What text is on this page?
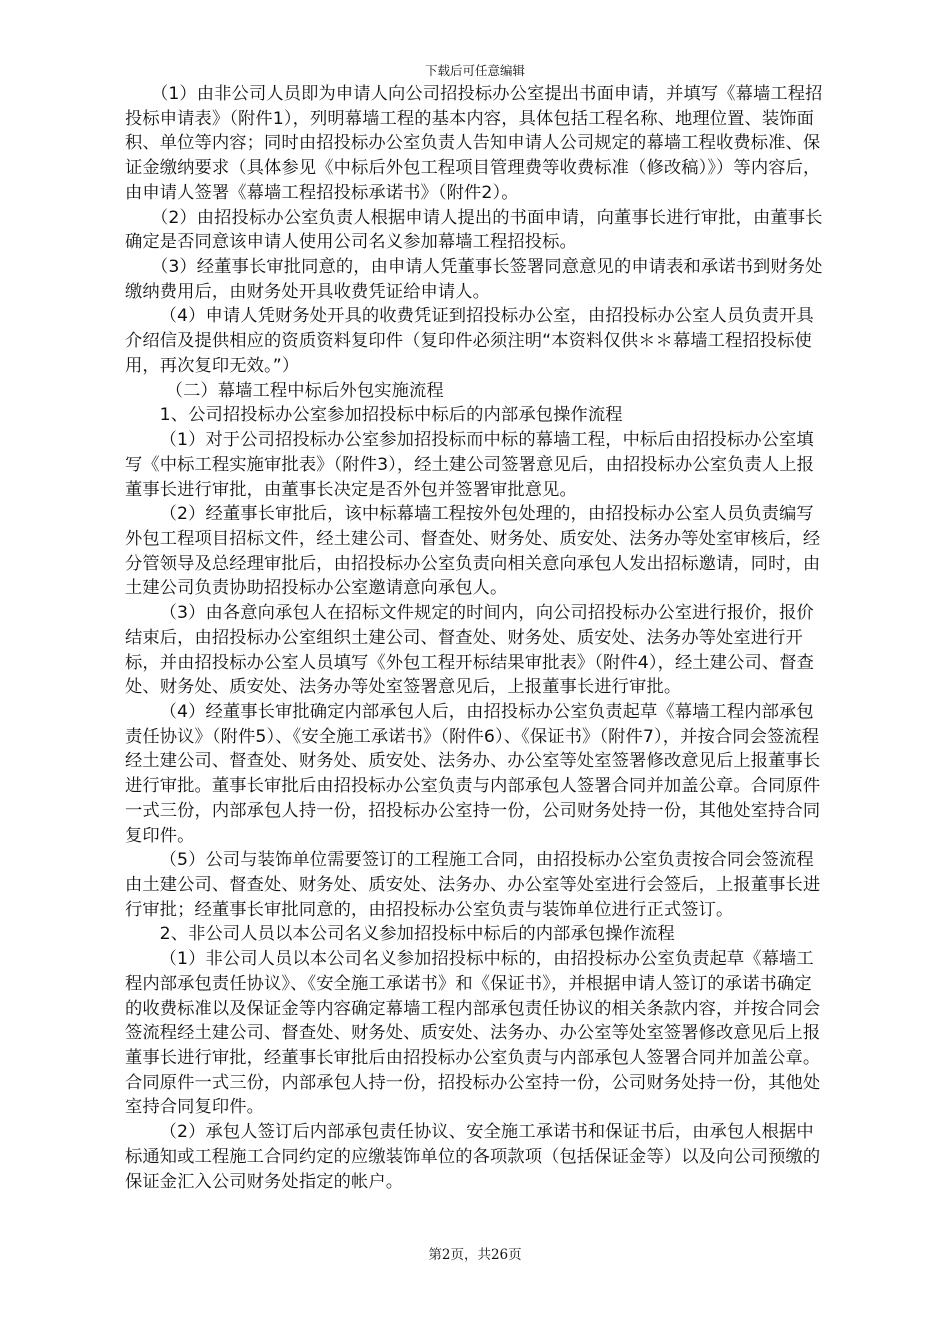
下载后可任意编辑

（1）由非公司人员即为申请人向公司招投标办公室提出书面申请，并填写《幕墙工程招投标申请表》（附件1），列明幕墙工程的基本内容，具体包括工程名称、地理位置、装饰面积、单位等内容；同时由招投标办公室负责人告知申请人公司规定的幕墙工程收费标准、保证金缴纳要求（具体参见《中标后外包工程项目管理费等收费标准（修改稿）》）等内容后，由申请人签署《幕墙工程招投标承诺书》（附件2）。

（2）由招投标办公室负责人根据申请人提出的书面申请，向董事长进行审批，由董事长确定是否同意该申请人使用公司名义参加幕墙工程招投标。

（3）经董事长审批同意的，由申请人凭董事长签署同意意见的申请表和承诺书到财务处缴纳费用后，由财务处开具收费凭证给申请人。

（4）申请人凭财务处开具的收费凭证到招投标办公室，由招投标办公室人员负责开具介绍信及提供相应的资质资料复印件（复印件必须注明“本资料仅供＊＊幕墙工程招投标使用，再次复印无效。”）

（二）幕墙工程中标后外包实施流程

1、公司招投标办公室参加招投标中标后的内部承包操作流程

（1）对于公司招投标办公室参加招投标而中标的幕墙工程，中标后由招投标办公室填写《中标工程实施审批表》（附件3），经土建公司签署意见后，由招投标办公室负责人上报董事长进行审批，由董事长决定是否外包并签署审批意见。

（2）经董事长审批后，该中标幕墙工程按外包处理的，由招投标办公室人员负责编写外包工程项目招标文件，经土建公司、督查处、财务处、质安处、法务办等处室审核后，经分管领导及总经理审批后，由招投标办公室负责向相关意向承包人发出招标邀请，同时，由土建公司负责协助招投标办公室邀请意向承包人。

（3）由各意向承包人在招标文件规定的时间内，向公司招投标办公室进行报价，报价结束后，由招投标办公室组织土建公司、督查处、财务处、质安处、法务办等处室进行开标，并由招投标办公室人员填写《外包工程开标结果审批表》（附件4），经土建公司、督查处、财务处、质安处、法务办等处室签署意见后，上报董事长进行审批。

（4）经董事长审批确定内部承包人后，由招投标办公室负责起草《幕墙工程内部承包责任协议》（附件5）、《安全施工承诺书》（附件6）、《保证书》（附件7），并按合同会签流程经土建公司、督查处、财务处、质安处、法务办、办公室等处室签署修改意见后上报董事长进行审批。董事长审批后由招投标办公室负责与内部承包人签署合同并加盖公章。合同原件一式三份，内部承包人持一份，招投标办公室持一份，公司财务处持一份，其他处室持合同复印件。

（5）公司与装饰单位需要签订的工程施工合同，由招投标办公室负责按合同会签流程由土建公司、督查处、财务处、质安处、法务办、办公室等处室进行会签后，上报董事长进行审批；经董事长审批同意的，由招投标办公室负责与装饰单位进行正式签订。

2、非公司人员以本公司名义参加招投标中标后的内部承包操作流程

（1）非公司人员以本公司名义参加招投标中标的，由招投标办公室负责起草《幕墙工程内部承包责任协议》、《安全施工承诺书》和《保证书》，并根据申请人签订的承诺书确定的收费标准以及保证金等内容确定幕墙工程内部承包责任协议的相关条款内容，并按合同会签流程经土建公司、督查处、财务处、质安处、法务办、办公室等处室签署修改意见后上报董事长进行审批，经董事长审批后由招投标办公室负责与内部承包人签署合同并加盖公章。合同原件一式三份，内部承包人持一份，招投标办公室持一份，公司财务处持一份，其他处室持合同复印件。

（2）承包人签订后内部承包责任协议、安全施工承诺书和保证书后，由承包人根据中标通知或工程施工合同约定的应缴装饰单位的各项款项（包括保证金等）以及向公司预缴的保证金汇入公司财务处指定的帐户。

第2页，共26页
